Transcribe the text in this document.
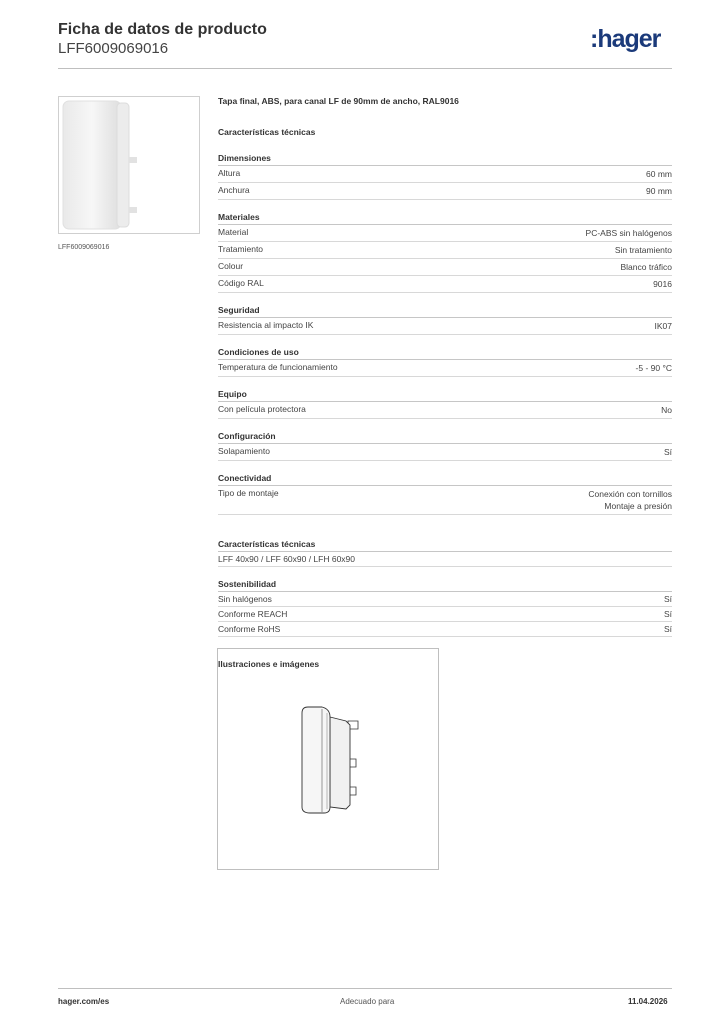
Ficha de datos de producto
LFF6009069016	:hager
LFF6009069016
Tapa final, ABS, para canal LF de 90mm de ancho, RAL9016
Características técnicas
Dimensiones
Altura	60 mm
Anchura	90 mm
Materiales
Material	PC-ABS sin halógenos
Tratamiento	Sin tratamiento
Colour	Blanco tráfico
Código RAL	9016
Seguridad
Resistencia al impacto IK	IK07
Condiciones de uso
Temperatura de funcionamiento	-5 - 90 °C
Equipo
Con película protectora	No
Configuración
Solapamiento	Sí
Conectividad
Tipo de montaje	Conexión con tornillos
Montaje a presión
Características técnicas
LFF 40x90 / LFF 60x90 / LFH 60x90
Sostenibilidad
Sin halógenos	Sí
Conforme REACH	Sí
Conforme RoHS	Sí
Ilustraciones e imágenes
hager.com/es	Adecuado para	11.04.2026
